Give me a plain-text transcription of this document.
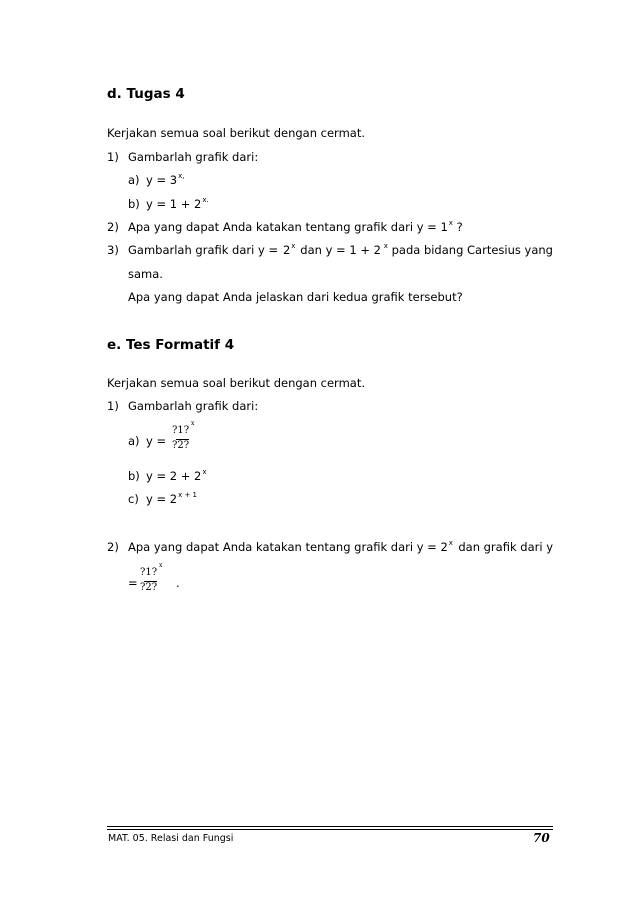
d. Tugas 4
Kerjakan semua soal berikut dengan cermat.
1) Gambarlah grafik dari:
a) $y = 3^{x,}$
b) $y = 1 + 2^{x.}$
2) Apa yang dapat Anda katakan tentang grafik dari $y = 1^x$ ?
3) Gambarlah grafik dari $y = 2^x$ dan y = 1 + 2 $^x$ pada bidang Cartesius yang
sama.
Apa yang dapat Anda jelaskan dari kedua grafik tersebut?
e. Tes Formatif 4
Kerjakan semua soal berikut dengan cermat.
1) Gambarlah grafik dari:
a) y =
?1?
x
?2?
b) $y = 2 + 2^x$
c) $y = 2^{x + 1}$
2) Apa yang dapat Anda katakan tentang grafik dari $y = 2^x$ dan grafik dari y
=
?1?
x
?2? .
MAT. 05. Relasi dan Fungsi	70
